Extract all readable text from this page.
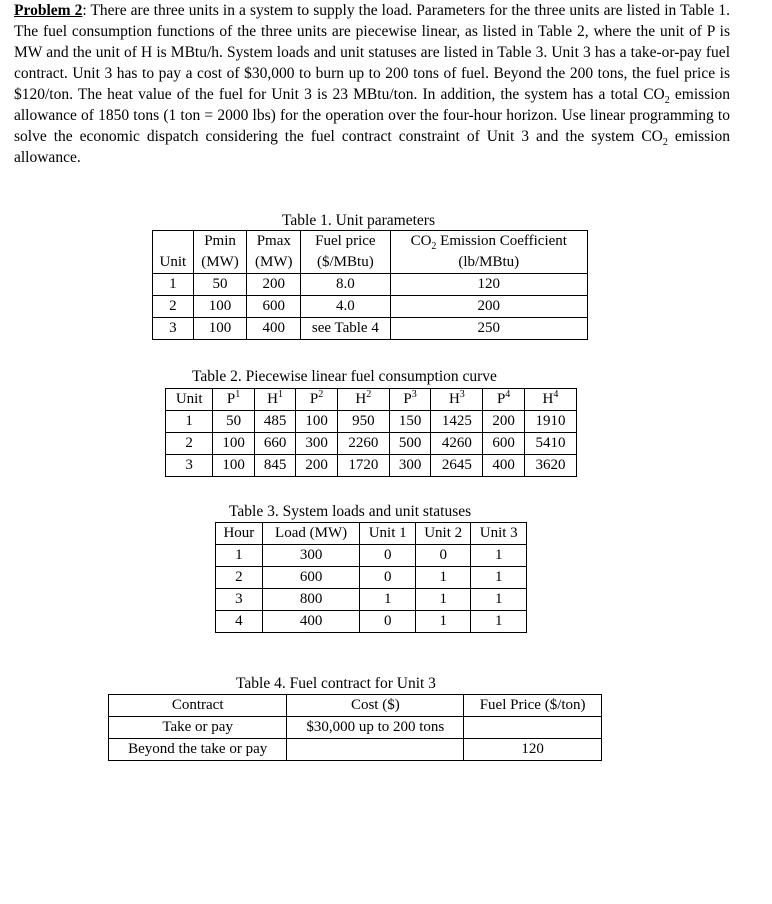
Problem 2: There are three units in a system to supply the load. Parameters for the three units are listed in Table 1. The fuel consumption functions of the three units are piecewise linear, as listed in Table 2, where the unit of P is MW and the unit of H is MBtu/h. System loads and unit statuses are listed in Table 3. Unit 3 has a take-or-pay fuel contract. Unit 3 has to pay a cost of $30,000 to burn up to 200 tons of fuel. Beyond the 200 tons, the fuel price is $120/ton. The heat value of the fuel for Unit 3 is 23 MBtu/ton. In addition, the system has a total $CO_2$ emission allowance of 1850 tons (1 ton = 2000 lbs) for the operation over the four-hour horizon. Use linear programming to solve the economic dispatch considering the fuel contract constraint of Unit 3 and the system $CO_2$ emission allowance.
Table 1. Unit parameters
	Pmin	Pmax	Fuel price	$CO_2$ Emission Coefficient
Unit	(MW)	(MW)	($/MBtu)	(lb/MBtu)
1	50	200	8.0	120
2	100	600	4.0	200
3	100	400	see Table 4	250
Table 2. Piecewise linear fuel consumption curve
Unit	$P^1$	$H^1$	$P^2$	$H^2$	$P^3$	$H^3$	$P^4$	$H^4$
1	50	485	100	950	150	1425	200	1910
2	100	660	300	2260	500	4260	600	5410
3	100	845	200	1720	300	2645	400	3620
Table 3. System loads and unit statuses
Hour	Load (MW)	Unit 1	Unit 2	Unit 3
1	300	0	0	1
2	600	0	1	1
3	800	1	1	1
4	400	0	1	1
Table 4. Fuel contract for Unit 3
Contract	Cost ($)	Fuel Price ($/ton)
Take or pay	$30,000 up to 200 tons	
Beyond the take or pay		120
